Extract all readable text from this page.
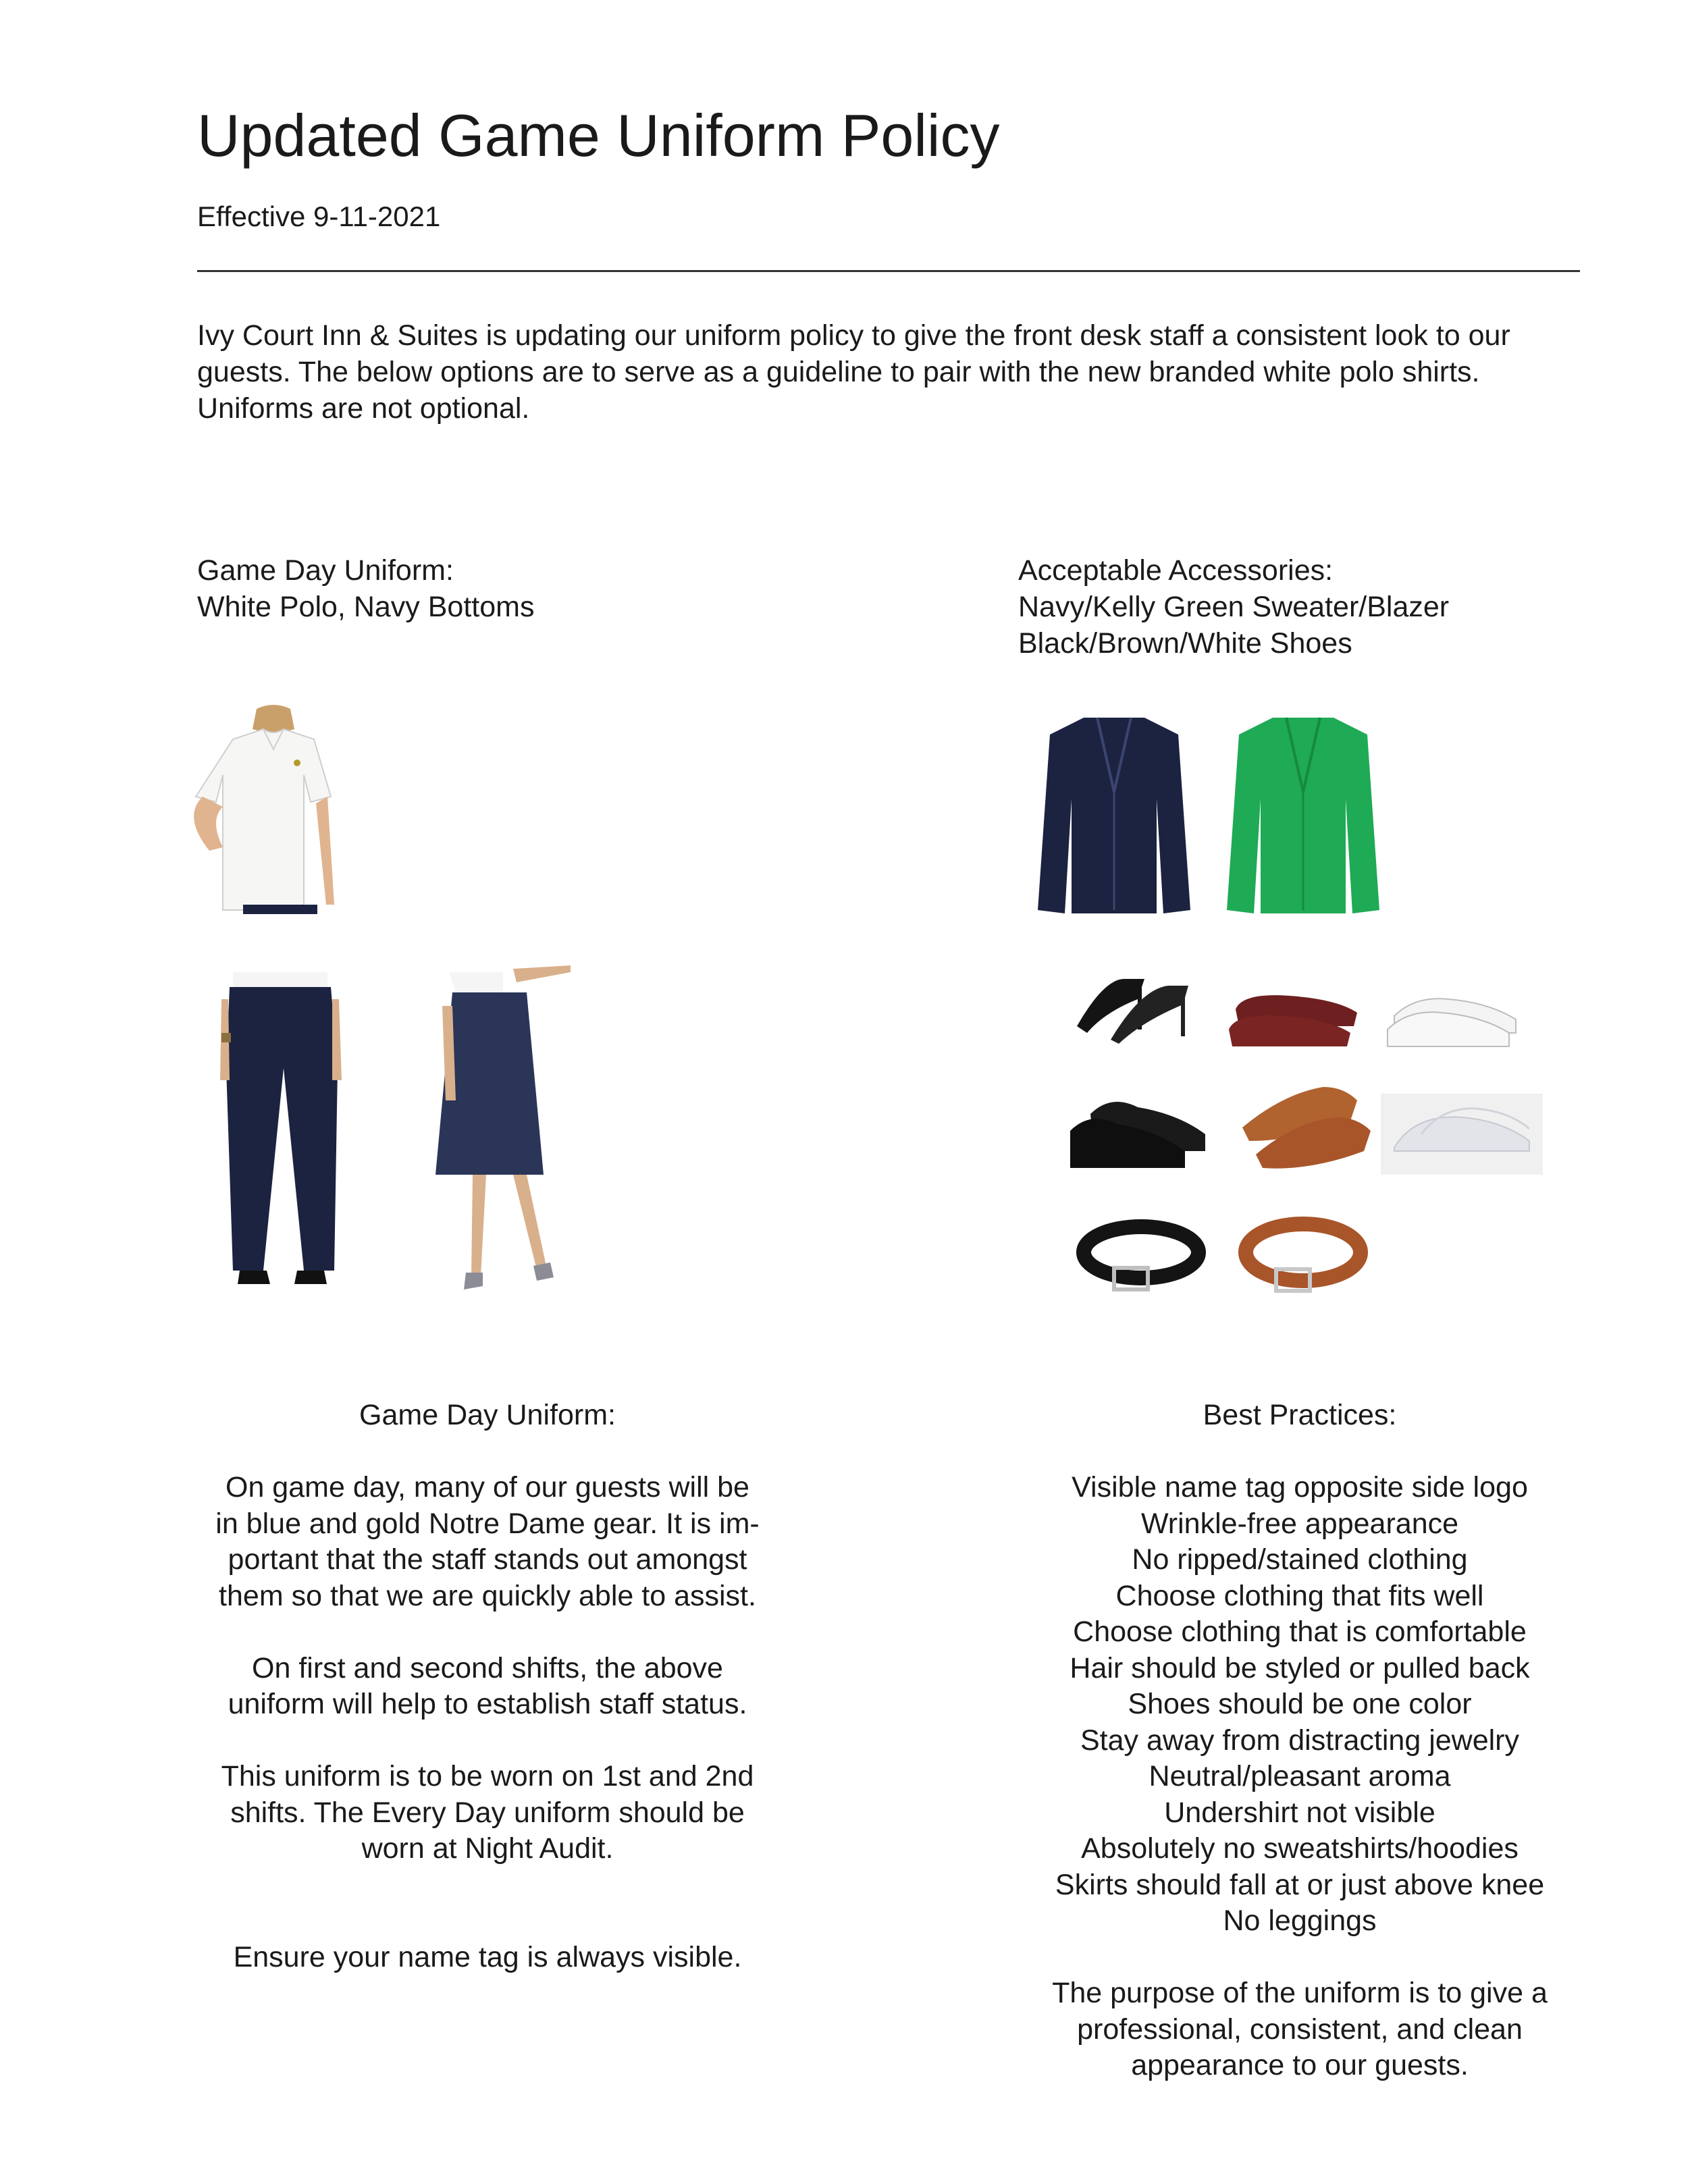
Updated Game Uniform Policy
Effective 9-11-2021
Ivy Court Inn & Suites is updating our uniform policy to give the front desk staff a consistent look to our
guests. The below options are to serve as a guideline to pair with the new branded white polo shirts.
Uniforms are not optional.
Game Day Uniform:
White Polo, Navy Bottoms
Acceptable Accessories:
Navy/Kelly Green Sweater/Blazer
Black/Brown/White Shoes
Game Day Uniform:
On game day, many of our guests will be
in blue and gold Notre Dame gear. It is im-
portant that the staff stands out amongst
them so that we are quickly able to assist.
On first and second shifts, the above
uniform will help to establish staff status.
This uniform is to be worn on 1st and 2nd
shifts. The Every Day uniform should be
worn at Night Audit.
Ensure your name tag is always visible.
Best Practices:
Visible name tag opposite side logo
Wrinkle-free appearance
No ripped/stained clothing
Choose clothing that fits well
Choose clothing that is comfortable
Hair should be styled or pulled back
Shoes should be one color
Stay away from distracting jewelry
Neutral/pleasant aroma
Undershirt not visible
Absolutely no sweatshirts/hoodies
Skirts should fall at or just above knee
No leggings
The purpose of the uniform is to give a
professional, consistent, and clean
appearance to our guests.
